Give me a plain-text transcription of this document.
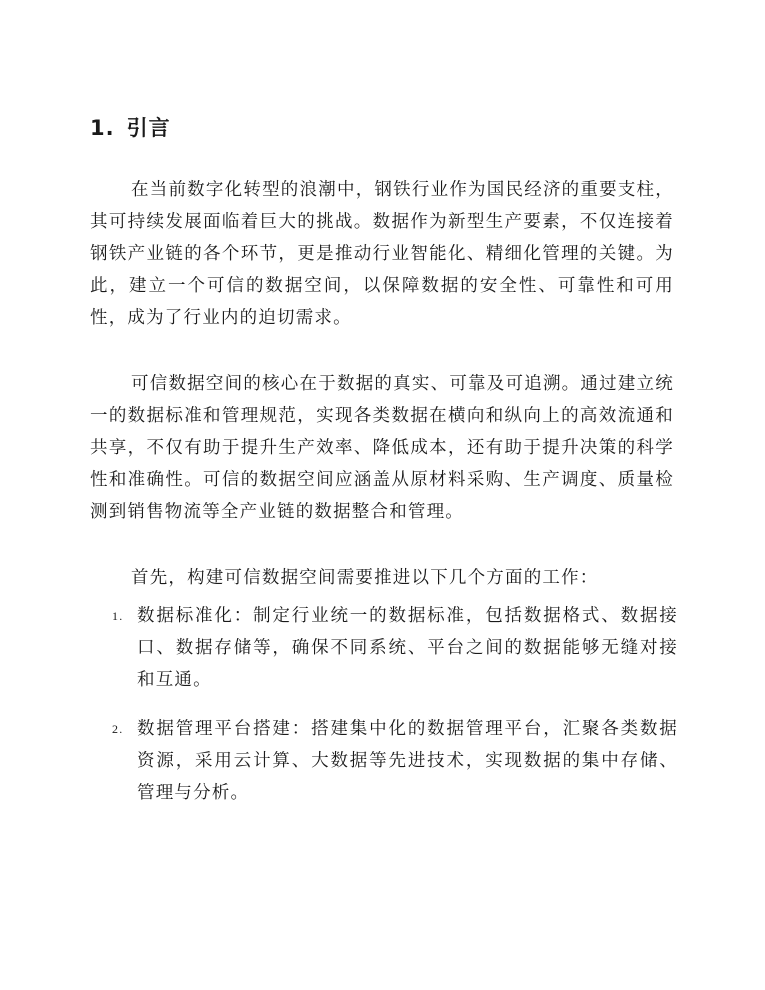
1. 引言

在当前数字化转型的浪潮中，钢铁行业作为国民经济的重要支柱，其可持续发展面临着巨大的挑战。数据作为新型生产要素，不仅连接着钢铁产业链的各个环节，更是推动行业智能化、精细化管理的关键。为此，建立一个可信的数据空间，以保障数据的安全性、可靠性和可用性，成为了行业内的迫切需求。

可信数据空间的核心在于数据的真实、可靠及可追溯。通过建立统一的数据标准和管理规范，实现各类数据在横向和纵向上的高效流通和共享，不仅有助于提升生产效率、降低成本，还有助于提升决策的科学性和准确性。可信的数据空间应涵盖从原材料采购、生产调度、质量检测到销售物流等全产业链的数据整合和管理。

首先，构建可信数据空间需要推进以下几个方面的工作：

1. 数据标准化：制定行业统一的数据标准，包括数据格式、数据接口、数据存储等，确保不同系统、平台之间的数据能够无缝对接和互通。
2. 数据管理平台搭建：搭建集中化的数据管理平台，汇聚各类数据资源，采用云计算、大数据等先进技术，实现数据的集中存储、管理与分析。
